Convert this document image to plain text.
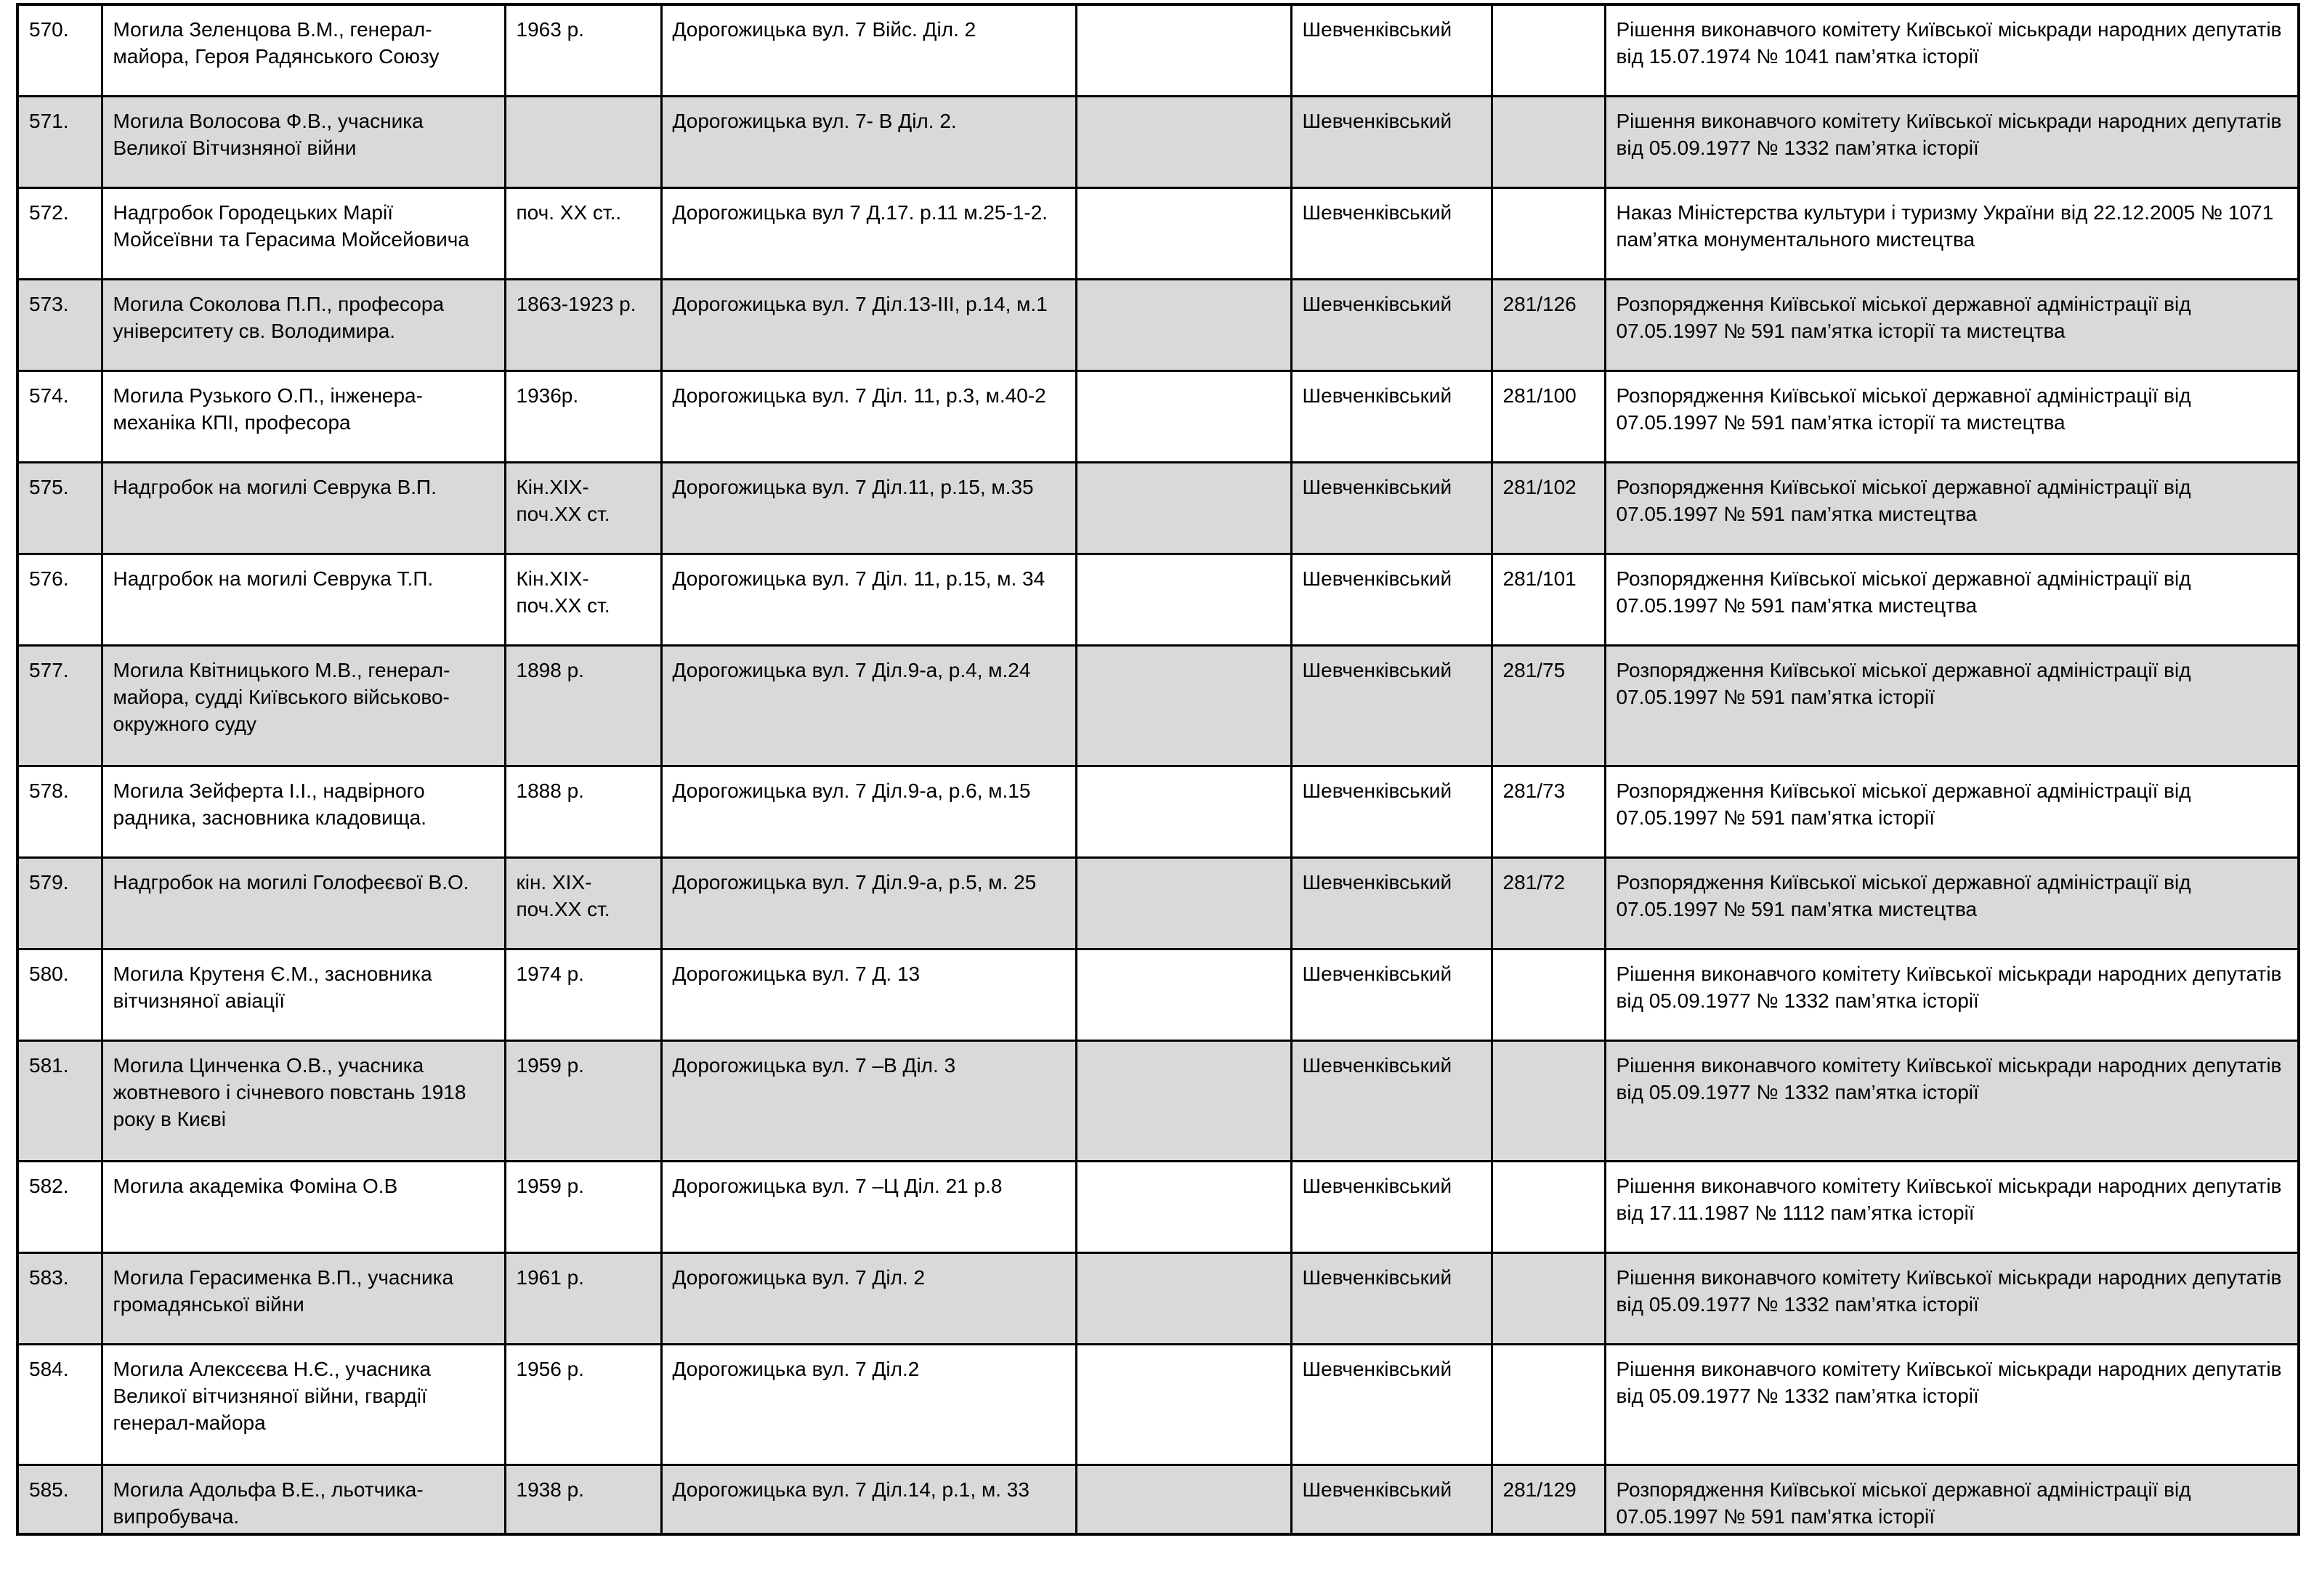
570.	Могила Зеленцова В.М., генерал-майора, Героя Радянського Союзу	1963 р.	Дорогожицька вул. 7 Війс. Діл. 2		Шевченківський		Рішення виконавчого комітету Київської міськради народних депутатів від 15.07.1974 № 1041 пам’ятка історії
571.	Могила Волосова Ф.В., учасника Великої Вітчизняної війни		Дорогожицька вул. 7- В Діл. 2.		Шевченківський		Рішення виконавчого комітету Київської міськради народних депутатів від 05.09.1977 № 1332 пам’ятка історії
572.	Надгробок Городецьких Марії Мойсеївни та Герасима Мойсейовича	поч. ХХ ст..	Дорогожицька вул 7 Д.17. р.11 м.25-1-2.		Шевченківський		Наказ Міністерства культури і туризму України від 22.12.2005 № 1071 пам’ятка монументального мистецтва
573.	Могила Соколова П.П., професора університету св. Володимира.	1863-1923 р.	Дорогожицька вул. 7 Діл.13-ІІІ, р.14, м.1		Шевченківський	281/126	Розпорядження Київської міської державної адміністрації від 07.05.1997 № 591 пам’ятка історії та мистецтва
574.	Могила Рузького О.П., інженера-механіка КПІ, професора	1936р.	Дорогожицька вул. 7 Діл. 11, р.3, м.40-2		Шевченківський	281/100	Розпорядження Київської міської державної адміністрації від 07.05.1997 № 591 пам’ятка історії та мистецтва
575.	Надгробок на могилі Севрука В.П.	Кін.ХІХ-поч.ХХ ст.	Дорогожицька вул. 7 Діл.11, р.15, м.35		Шевченківський	281/102	Розпорядження Київської міської державної адміністрації від 07.05.1997 № 591 пам’ятка мистецтва
576.	Надгробок на могилі Севрука Т.П.	Кін.ХІХ-поч.ХХ ст.	Дорогожицька вул. 7 Діл. 11, р.15, м. 34		Шевченківський	281/101	Розпорядження Київської міської державної адміністрації від 07.05.1997 № 591 пам’ятка мистецтва
577.	Могила Квітницького М.В., генерал-майора, судді Київського військово-окружного суду	1898 р.	Дорогожицька вул. 7 Діл.9-а, р.4, м.24		Шевченківський	281/75	Розпорядження Київської міської державної адміністрації від 07.05.1997 № 591 пам’ятка історії
578.	Могила Зейферта І.І., надвірного радника, засновника кладовища.	1888 р.	Дорогожицька вул. 7 Діл.9-а, р.6, м.15		Шевченківський	281/73	Розпорядження Київської міської державної адміністрації від 07.05.1997 № 591 пам’ятка історії
579.	Надгробок на могилі Голофеєвої В.О.	кін. ХІХ-поч.ХХ ст.	Дорогожицька вул. 7 Діл.9-а, р.5, м. 25		Шевченківський	281/72	Розпорядження Київської міської державної адміністрації від 07.05.1997 № 591 пам’ятка мистецтва
580.	Могила Крутеня Є.М., засновника вітчизняної авіації	1974 р.	Дорогожицька вул. 7 Д. 13		Шевченківський		Рішення виконавчого комітету Київської міськради народних депутатів від 05.09.1977 № 1332 пам’ятка історії
581.	Могила Цинченка О.В., учасника жовтневого і січневого повстань 1918 року в Києві	1959 р.	Дорогожицька вул. 7 –В Діл. 3		Шевченківський		Рішення виконавчого комітету Київської міськради народних депутатів від 05.09.1977 № 1332 пам’ятка історії
582.	Могила академіка Фоміна О.В	1959 р.	Дорогожицька вул. 7 –Ц Діл. 21 р.8		Шевченківський		Рішення виконавчого комітету Київської міськради народних депутатів від 17.11.1987 № 1112 пам’ятка історії
583.	Могила Герасименка В.П., учасника громадянської війни	1961 р.	Дорогожицька вул. 7 Діл. 2		Шевченківський		Рішення виконавчого комітету Київської міськради народних депутатів від 05.09.1977 № 1332 пам’ятка історії
584.	Могила Алексєєва Н.Є., учасника Великої вітчизняної війни, гвардії генерал-майора	1956 р.	Дорогожицька вул. 7 Діл.2		Шевченківський		Рішення виконавчого комітету Київської міськради народних депутатів від 05.09.1977 № 1332 пам’ятка історії
585.	Могила Адольфа В.Е., льотчика-випробувача.	1938 р.	Дорогожицька вул. 7 Діл.14, р.1, м. 33		Шевченківський	281/129	Розпорядження Київської міської державної адміністрації від 07.05.1997 № 591 пам’ятка історії
